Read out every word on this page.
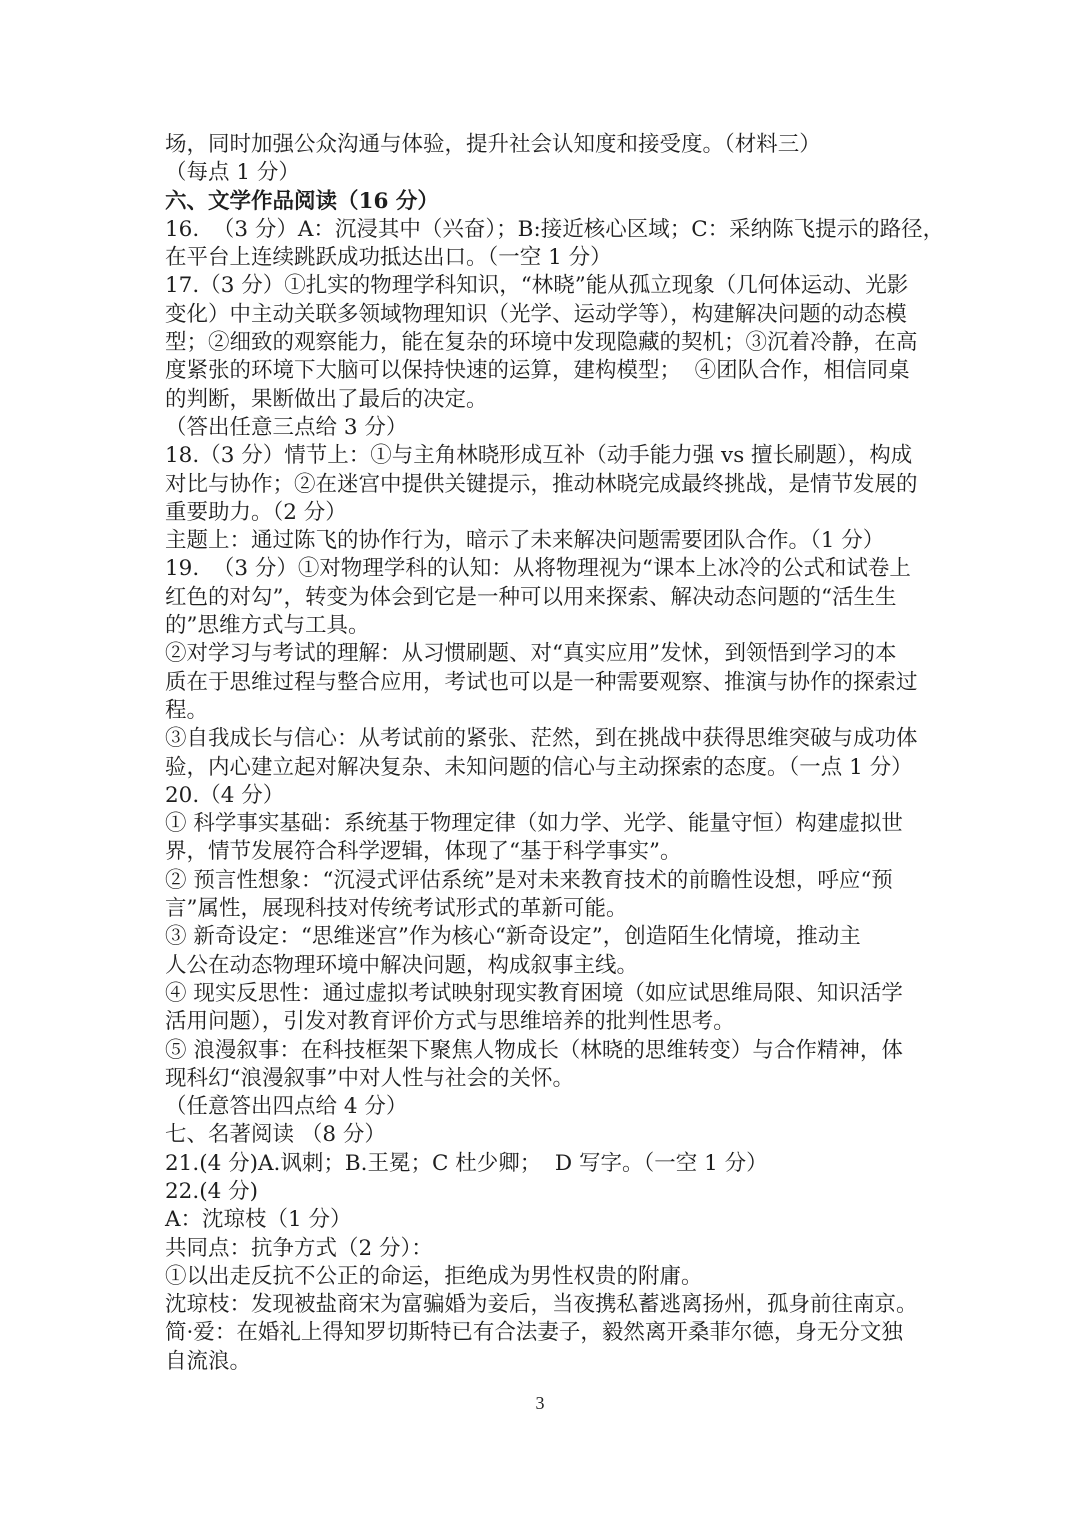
场，同时加强公众沟通与体验，提升社会认知度和接受度。（材料三）
（每点 1 分）
六、文学作品阅读（16 分）
16.  （3 分）A：沉浸其中（兴奋）；B:接近核心区域；C：采纳陈飞提示的路径，
在平台上连续跳跃成功抵达出口。（一空 1 分）
17.（3 分）①扎实的物理学科知识，“林晓”能从孤立现象（几何体运动、光影
变化）中主动关联多领域物理知识（光学、运动学等），构建解决问题的动态模
型；②细致的观察能力，能在复杂的环境中发现隐藏的契机；③沉着冷静，在高
度紧张的环境下大脑可以保持快速的运算，建构模型；  ④团队合作，相信同桌
的判断，果断做出了最后的决定。
（答出任意三点给 3 分）
18.（3 分）情节上：①与主角林晓形成互补（动手能力强 vs 擅长刷题），构成
对比与协作；②在迷宫中提供关键提示，推动林晓完成最终挑战，是情节发展的
重要助力。（2 分）
主题上：通过陈飞的协作行为，暗示了未来解决问题需要团队合作。（1 分）
19.  （3 分）①对物理学科的认知：从将物理视为“课本上冰冷的公式和试卷上
红色的对勾”，转变为体会到它是一种可以用来探索、解决动态问题的“活生生
的”思维方式与工具。
②对学习与考试的理解：从习惯刷题、对“真实应用”发怵，到领悟到学习的本
质在于思维过程与整合应用，考试也可以是一种需要观察、推演与协作的探索过
程。
③自我成长与信心：从考试前的紧张、茫然，到在挑战中获得思维突破与成功体
验，内心建立起对解决复杂、未知问题的信心与主动探索的态度。（一点 1 分）
20.（4 分）
① 科学事实基础：系统基于物理定律（如力学、光学、能量守恒）构建虚拟世
界，情节发展符合科学逻辑，体现了“基于科学事实”。
② 预言性想象：“沉浸式评估系统”是对未来教育技术的前瞻性设想，呼应“预
言”属性，展现科技对传统考试形式的革新可能。
③ 新奇设定：“思维迷宫”作为核心“新奇设定”，创造陌生化情境，推动主
人公在动态物理环境中解决问题，构成叙事主线。
④ 现实反思性：通过虚拟考试映射现实教育困境（如应试思维局限、知识活学
活用问题），引发对教育评价方式与思维培养的批判性思考。
⑤ 浪漫叙事：在科技框架下聚焦人物成长（林晓的思维转变）与合作精神，体
现科幻“浪漫叙事”中对人性与社会的关怀。
（任意答出四点给 4 分）
七、名著阅读 （8 分）
21.(4 分)A.讽刺；B.王冕；C 杜少卿；  D 写字。（一空 1 分）
22.(4 分)
A：沈琼枝（1 分）
共同点：抗争方式（2 分）：
①以出走反抗不公正的命运，拒绝成为男性权贵的附庸。
沈琼枝：发现被盐商宋为富骗婚为妾后，当夜携私蓄逃离扬州，孤身前往南京。
简·爱：在婚礼上得知罗切斯特已有合法妻子，毅然离开桑菲尔德，身无分文独
自流浪。
3
